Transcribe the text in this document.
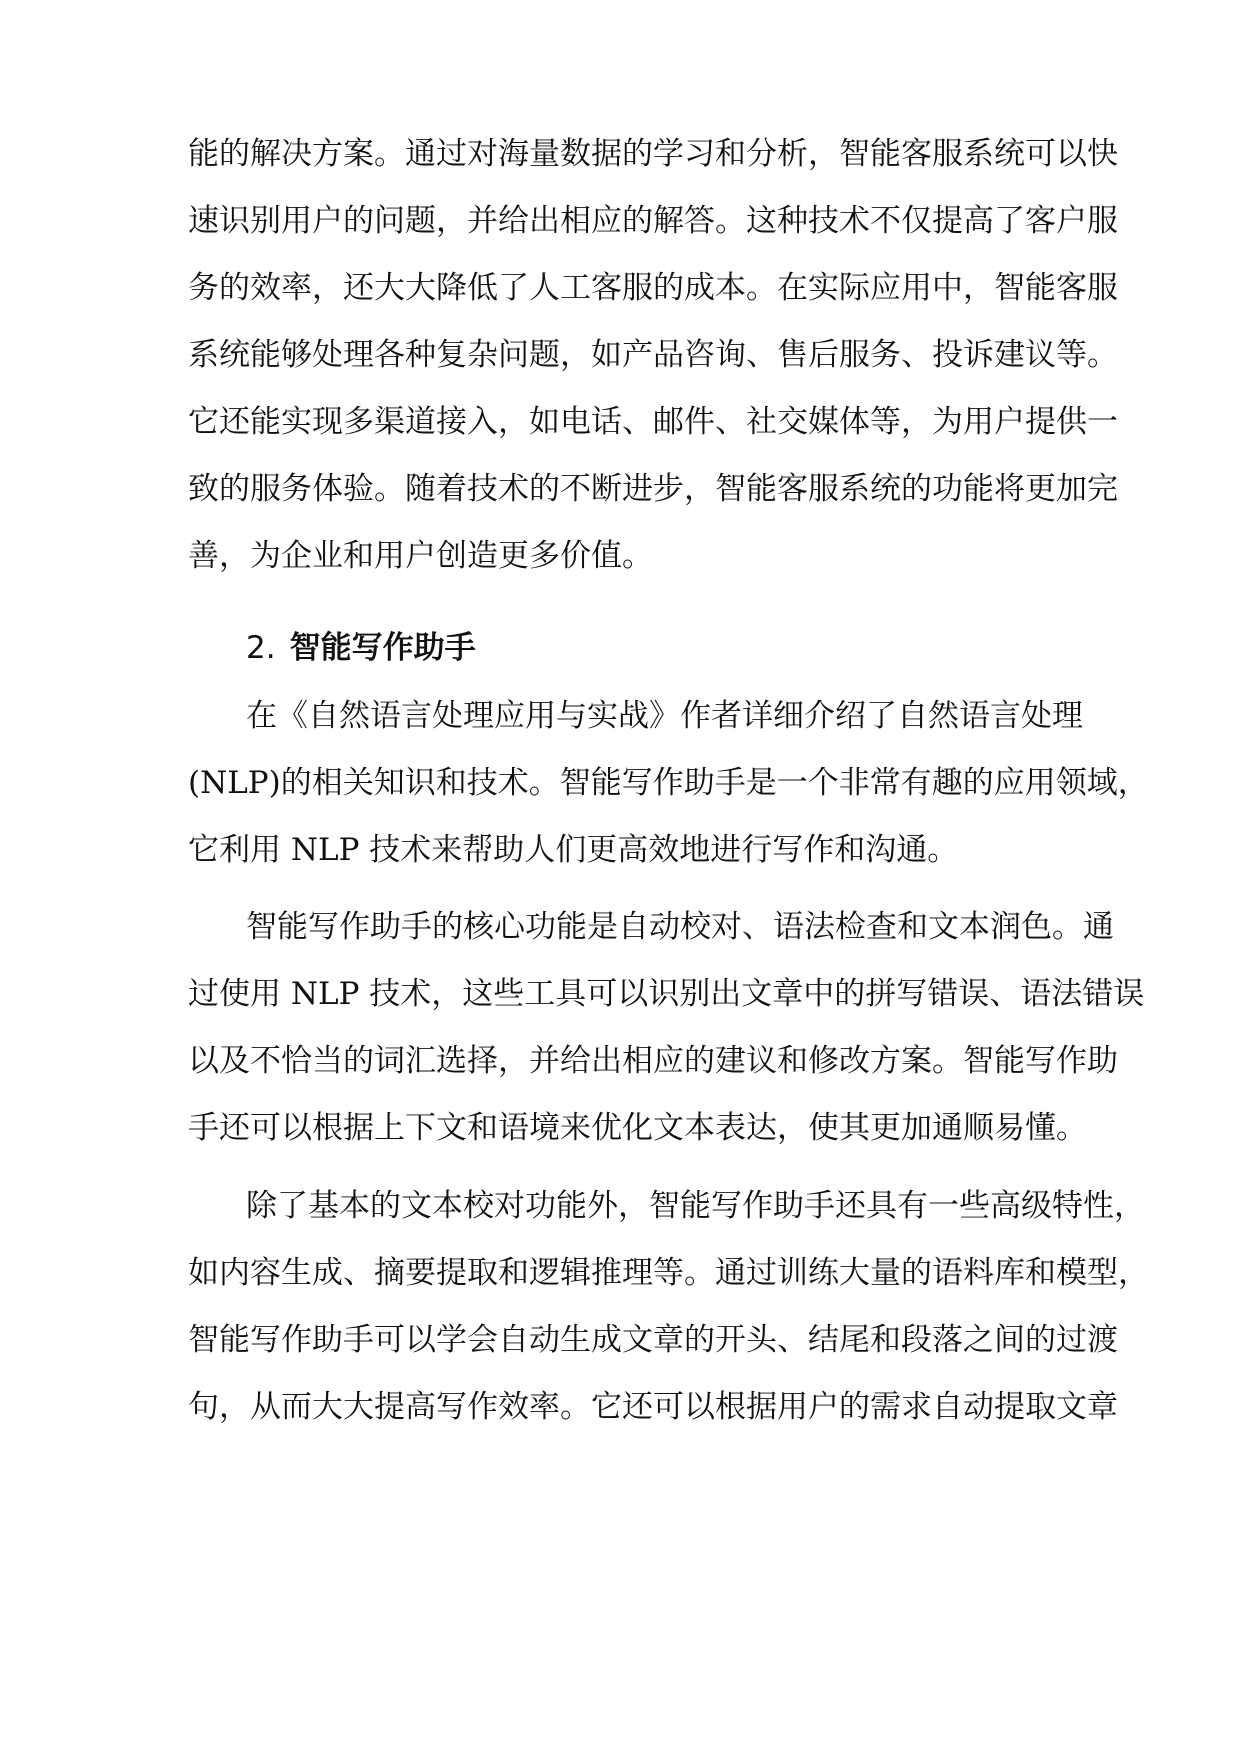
能的解决方案。通过对海量数据的学习和分析，智能客服系统可以快
速识别用户的问题，并给出相应的解答。这种技术不仅提高了客户服
务的效率，还大大降低了人工客服的成本。在实际应用中，智能客服
系统能够处理各种复杂问题，如产品咨询、售后服务、投诉建议等。
它还能实现多渠道接入，如电话、邮件、社交媒体等，为用户提供一
致的服务体验。随着技术的不断进步，智能客服系统的功能将更加完
善，为企业和用户创造更多价值。
2. 智能写作助手
在《自然语言处理应用与实战》作者详细介绍了自然语言处理
(NLP)的相关知识和技术。智能写作助手是一个非常有趣的应用领域，
它利用 NLP 技术来帮助人们更高效地进行写作和沟通。
智能写作助手的核心功能是自动校对、语法检查和文本润色。通
过使用 NLP 技术，这些工具可以识别出文章中的拼写错误、语法错误
以及不恰当的词汇选择，并给出相应的建议和修改方案。智能写作助
手还可以根据上下文和语境来优化文本表达，使其更加通顺易懂。
除了基本的文本校对功能外，智能写作助手还具有一些高级特性，
如内容生成、摘要提取和逻辑推理等。通过训练大量的语料库和模型，
智能写作助手可以学会自动生成文章的开头、结尾和段落之间的过渡
句，从而大大提高写作效率。它还可以根据用户的需求自动提取文章
